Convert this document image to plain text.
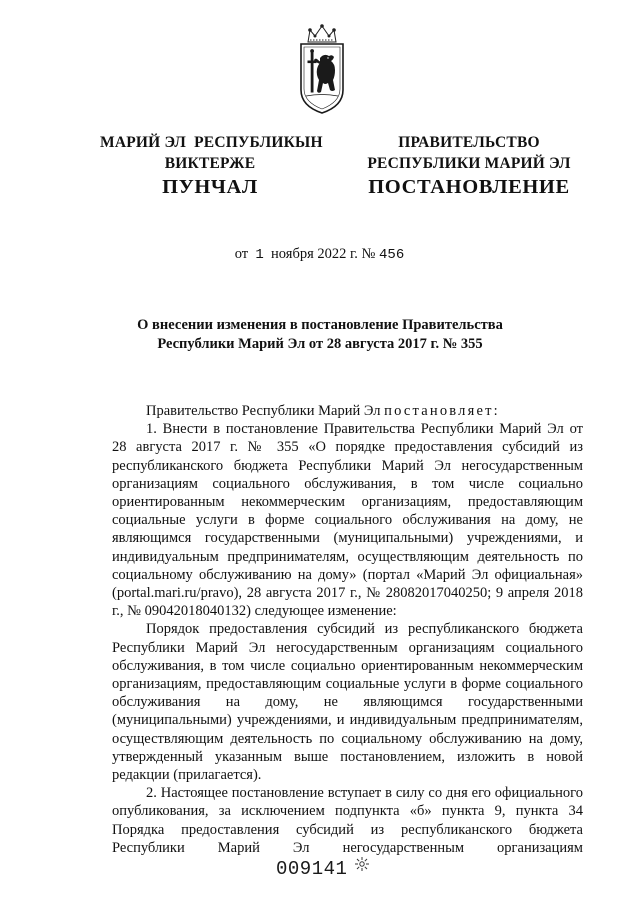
МАРИЙ ЭЛ  РЕСПУБЛИКЫН
ВИКТЕРЖЕ
ПУНЧАЛ
ПРАВИТЕЛЬСТВО
РЕСПУБЛИКИ МАРИЙ ЭЛ
ПОСТАНОВЛЕНИЕ
от 1 ноября 2022 г. № 456
О внесении изменения в постановление Правительства
Республики Марий Эл от 28 августа 2017 г. № 355

Правительство Республики Марий Эл постановляет:

1. Внести в постановление Правительства Республики Марий Эл от 28 августа 2017 г. № 355 «О порядке предоставления субсидий из республиканского бюджета Республики Марий Эл негосударственным организациям социального обслуживания, в том числе социально ориентированным некоммерческим организациям, предоставляющим социальные услуги в форме социального обслуживания на дому, не являющимся государственными (муниципальными) учреждениями, и индивидуальным предпринимателям, осуществляющим деятельность по социальному обслуживанию на дому» (портал «Марий Эл официальная» (portal.mari.ru/pravo), 28 августа 2017 г., № 28082017040250; 9 апреля 2018 г., № 09042018040132) следующее изменение:

Порядок предоставления субсидий из республиканского бюджета Республики Марий Эл негосударственным организациям социального обслуживания, в том числе социально ориентированным некоммерческим организациям, предоставляющим социальные услуги в форме социального обслуживания на дому, не являющимся государственными (муниципальными) учреждениями, и индивидуальным предпринимателям, осуществляющим деятельность по социальному обслуживанию на дому, утвержденный указанным выше постановлением, изложить в новой редакции (прилагается).

2. Настоящее постановление вступает в силу со дня его официального опубликования, за исключением подпункта «б» пункта 9, пункта 34 Порядка предоставления субсидий из республиканского бюджета Республики Марий Эл негосударственным организациям

009141
